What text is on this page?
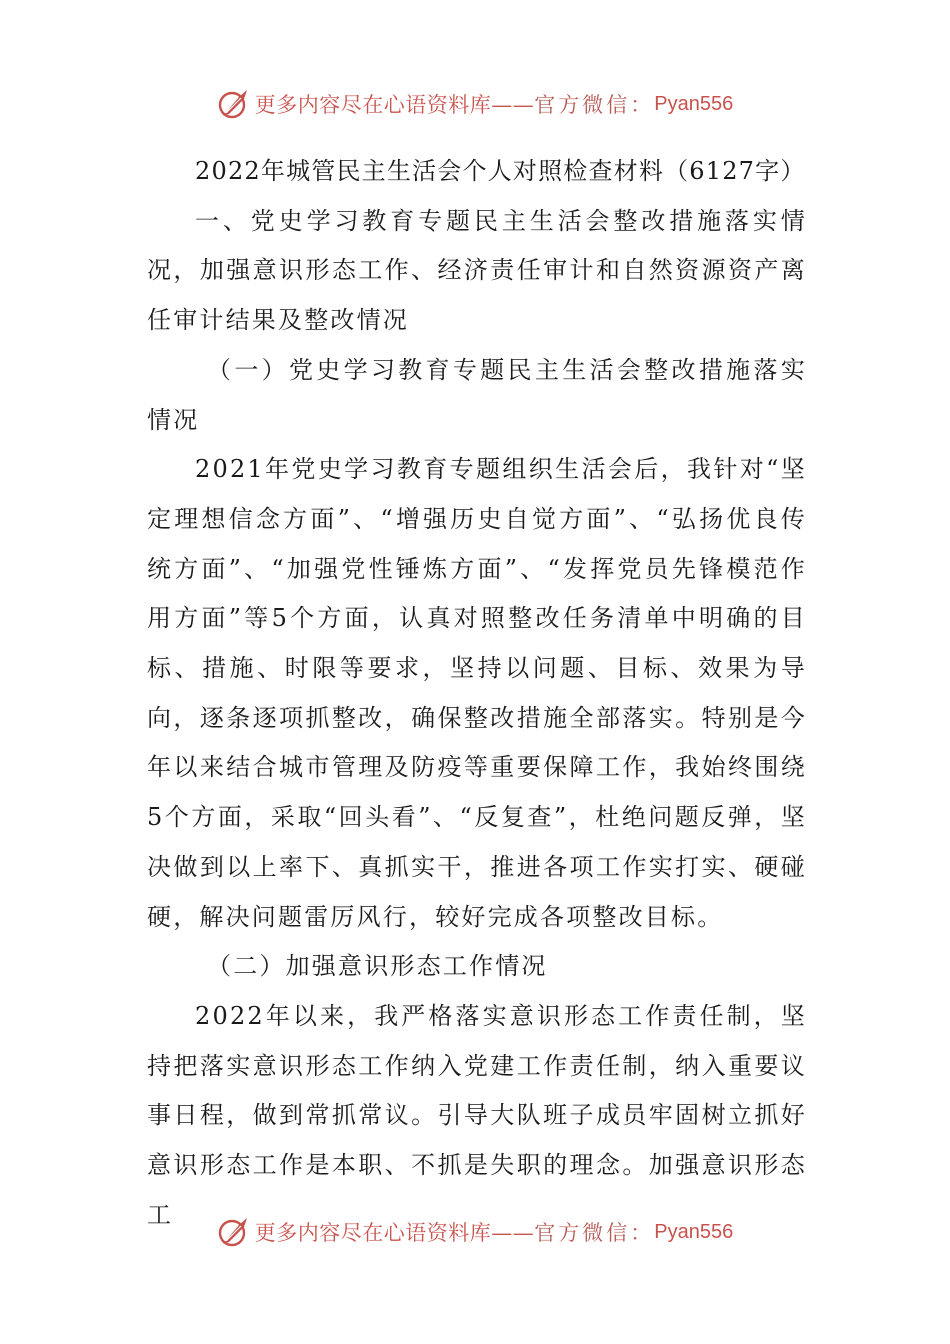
更多内容尽在心语资料库—— 官方微信： Pyan556

2022年城管民主生活会个人对照检查材料（6127字）

一、党史学习教育专题民主生活会整改措施落实情况，加强意识形态工作、经济责任审计和自然资源资产离任审计结果及整改情况

（一）党史学习教育专题民主生活会整改措施落实情况

2021年党史学习教育专题组织生活会后，我针对“坚定理想信念方面”、“增强历史自觉方面”、“弘扬优良传统方面”、“加强党性锤炼方面”、“发挥党员先锋模范作用方面”等5个方面，认真对照整改任务清单中明确的目标、措施、时限等要求，坚持以问题、目标、效果为导向，逐条逐项抓整改，确保整改措施全部落实。特别是今年以来结合城市管理及防疫等重要保障工作，我始终围绕5个方面，采取“回头看”、“反复查”，杜绝问题反弹，坚决做到以上率下、真抓实干，推进各项工作实打实、硬碰硬，解决问题雷厉风行，较好完成各项整改目标。

（二）加强意识形态工作情况

2022年以来，我严格落实意识形态工作责任制，坚持把落实意识形态工作纳入党建工作责任制，纳入重要议事日程，做到常抓常议。引导大队班子成员牢固树立抓好意识形态工作是本职、不抓是失职的理念。加强意识形态工

更多内容尽在心语资料库—— 官方微信： Pyan556
